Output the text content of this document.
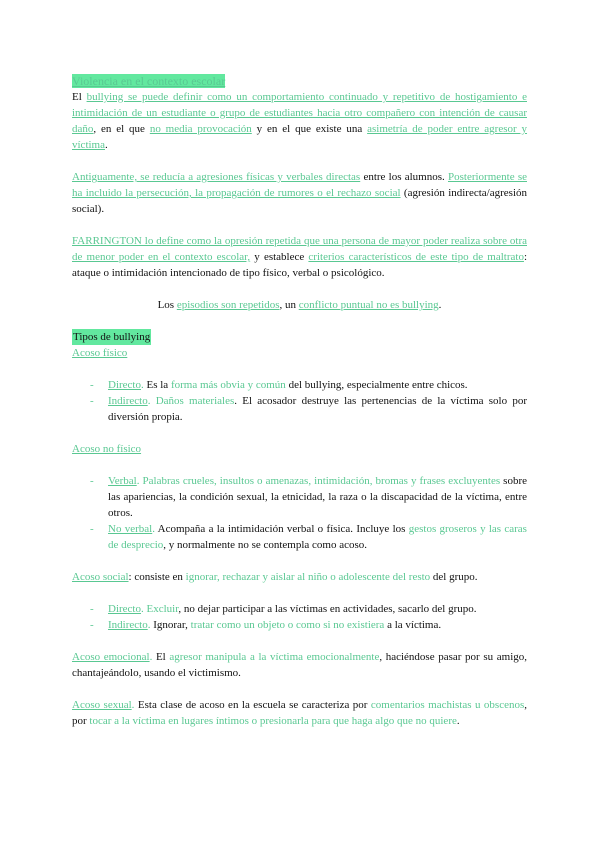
Violencia en el contexto escolar

El bullying se puede definir como un comportamiento continuado y repetitivo de hostigamiento e intimidación de un estudiante o grupo de estudiantes hacia otro compañero con intención de causar daño, en el que no media provocación y en el que existe una asimetría de poder entre agresor y víctima.

Antiguamente, se reducía a agresiones físicas y verbales directas entre los alumnos. Posteriormente se ha incluido la persecución, la propagación de rumores o el rechazo social (agresión indirecta/agresión social).

FARRINGTON lo define como la opresión repetida que una persona de mayor poder realiza sobre otra de menor poder en el contexto escolar, y establece criterios característicos de este tipo de maltrato: ataque o intimidación intencionado de tipo físico, verbal o psicológico.

Los episodios son repetidos, un conflicto puntual no es bullying.

Tipos de bullying

Acoso físico

- Directo. Es la forma más obvia y común del bullying, especialmente entre chicos.
- Indirecto. Daños materiales. El acosador destruye las pertenencias de la víctima solo por diversión propia.

Acoso no físico

- Verbal. Palabras crueles, insultos o amenazas, intimidación, bromas y frases excluyentes sobre las apariencias, la condición sexual, la etnicidad, la raza o la discapacidad de la víctima, entre otros.
- No verbal. Acompaña a la intimidación verbal o física. Incluye los gestos groseros y las caras de desprecio, y normalmente no se contempla como acoso.

Acoso social: consiste en ignorar, rechazar y aislar al niño o adolescente del resto del grupo.

- Directo. Excluir, no dejar participar a las víctimas en actividades, sacarlo del grupo.
- Indirecto. Ignorar, tratar como un objeto o como si no existiera a la víctima.

Acoso emocional. El agresor manipula a la víctima emocionalmente, haciéndose pasar por su amigo, chantajeándolo, usando el victimismo.

Acoso sexual. Esta clase de acoso en la escuela se caracteriza por comentarios machistas u obscenos, por tocar a la víctima en lugares íntimos o presionarla para que haga algo que no quiere.
